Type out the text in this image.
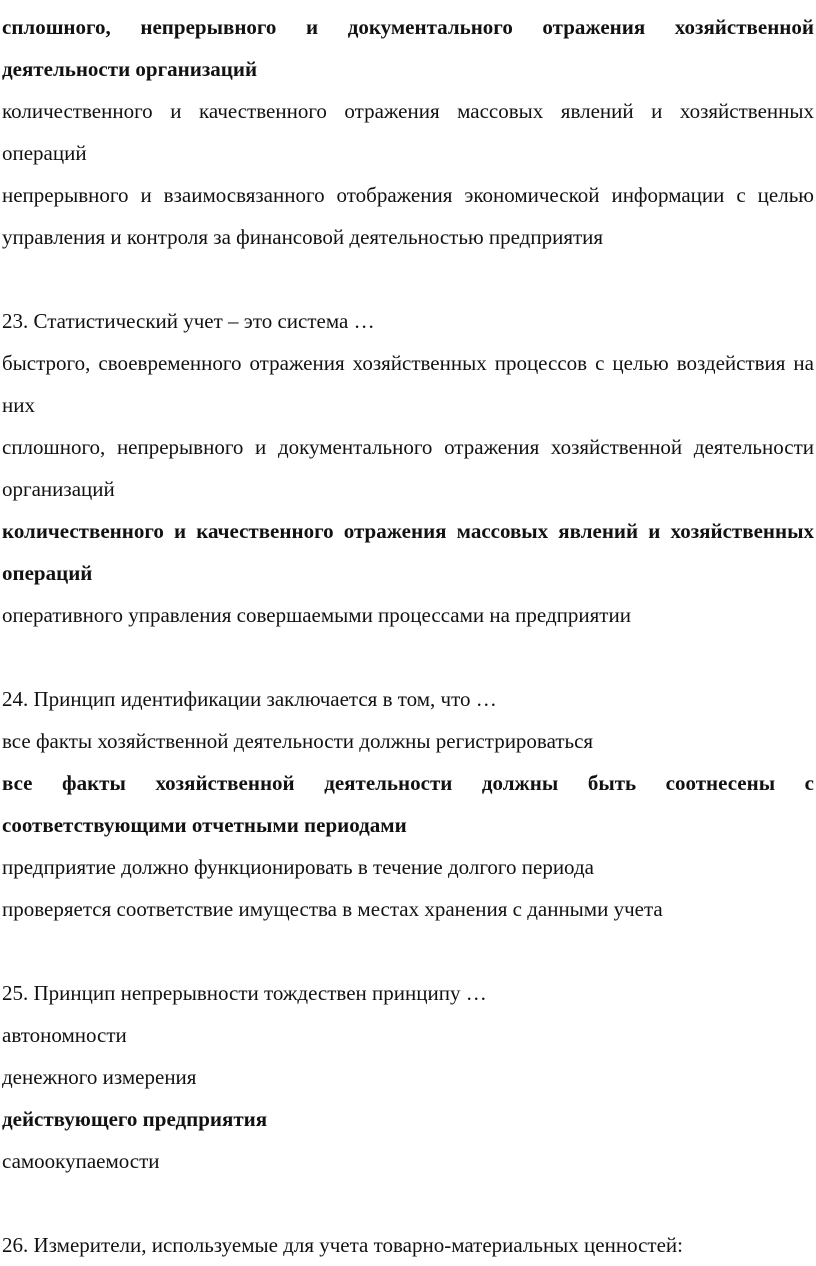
сплошного, непрерывного и документального отражения хозяйственной деятельности организаций

количественного и качественного отражения массовых явлений и хозяйственных операций

непрерывного и взаимосвязанного отображения экономической информации с целью управления и контроля за финансовой деятельностью предприятия

23. Статистический учет – это система …

быстрого, своевременного отражения хозяйственных процессов с целью воздействия на них

сплошного, непрерывного и документального отражения хозяйственной деятельности организаций

количественного и качественного отражения массовых явлений и хозяйственных операций

оперативного управления совершаемыми процессами на предприятии

24. Принцип идентификации заключается в том, что …

все факты хозяйственной деятельности должны регистрироваться

все факты хозяйственной деятельности должны быть соотнесены с соответствующими отчетными периодами

предприятие должно функционировать в течение долгого периода

проверяется соответствие имущества в местах хранения с данными учета

25. Принцип непрерывности тождествен принципу …

автономности

денежного измерения

действующего предприятия

самоокупаемости

26. Измерители, используемые для учета товарно-материальных ценностей:
